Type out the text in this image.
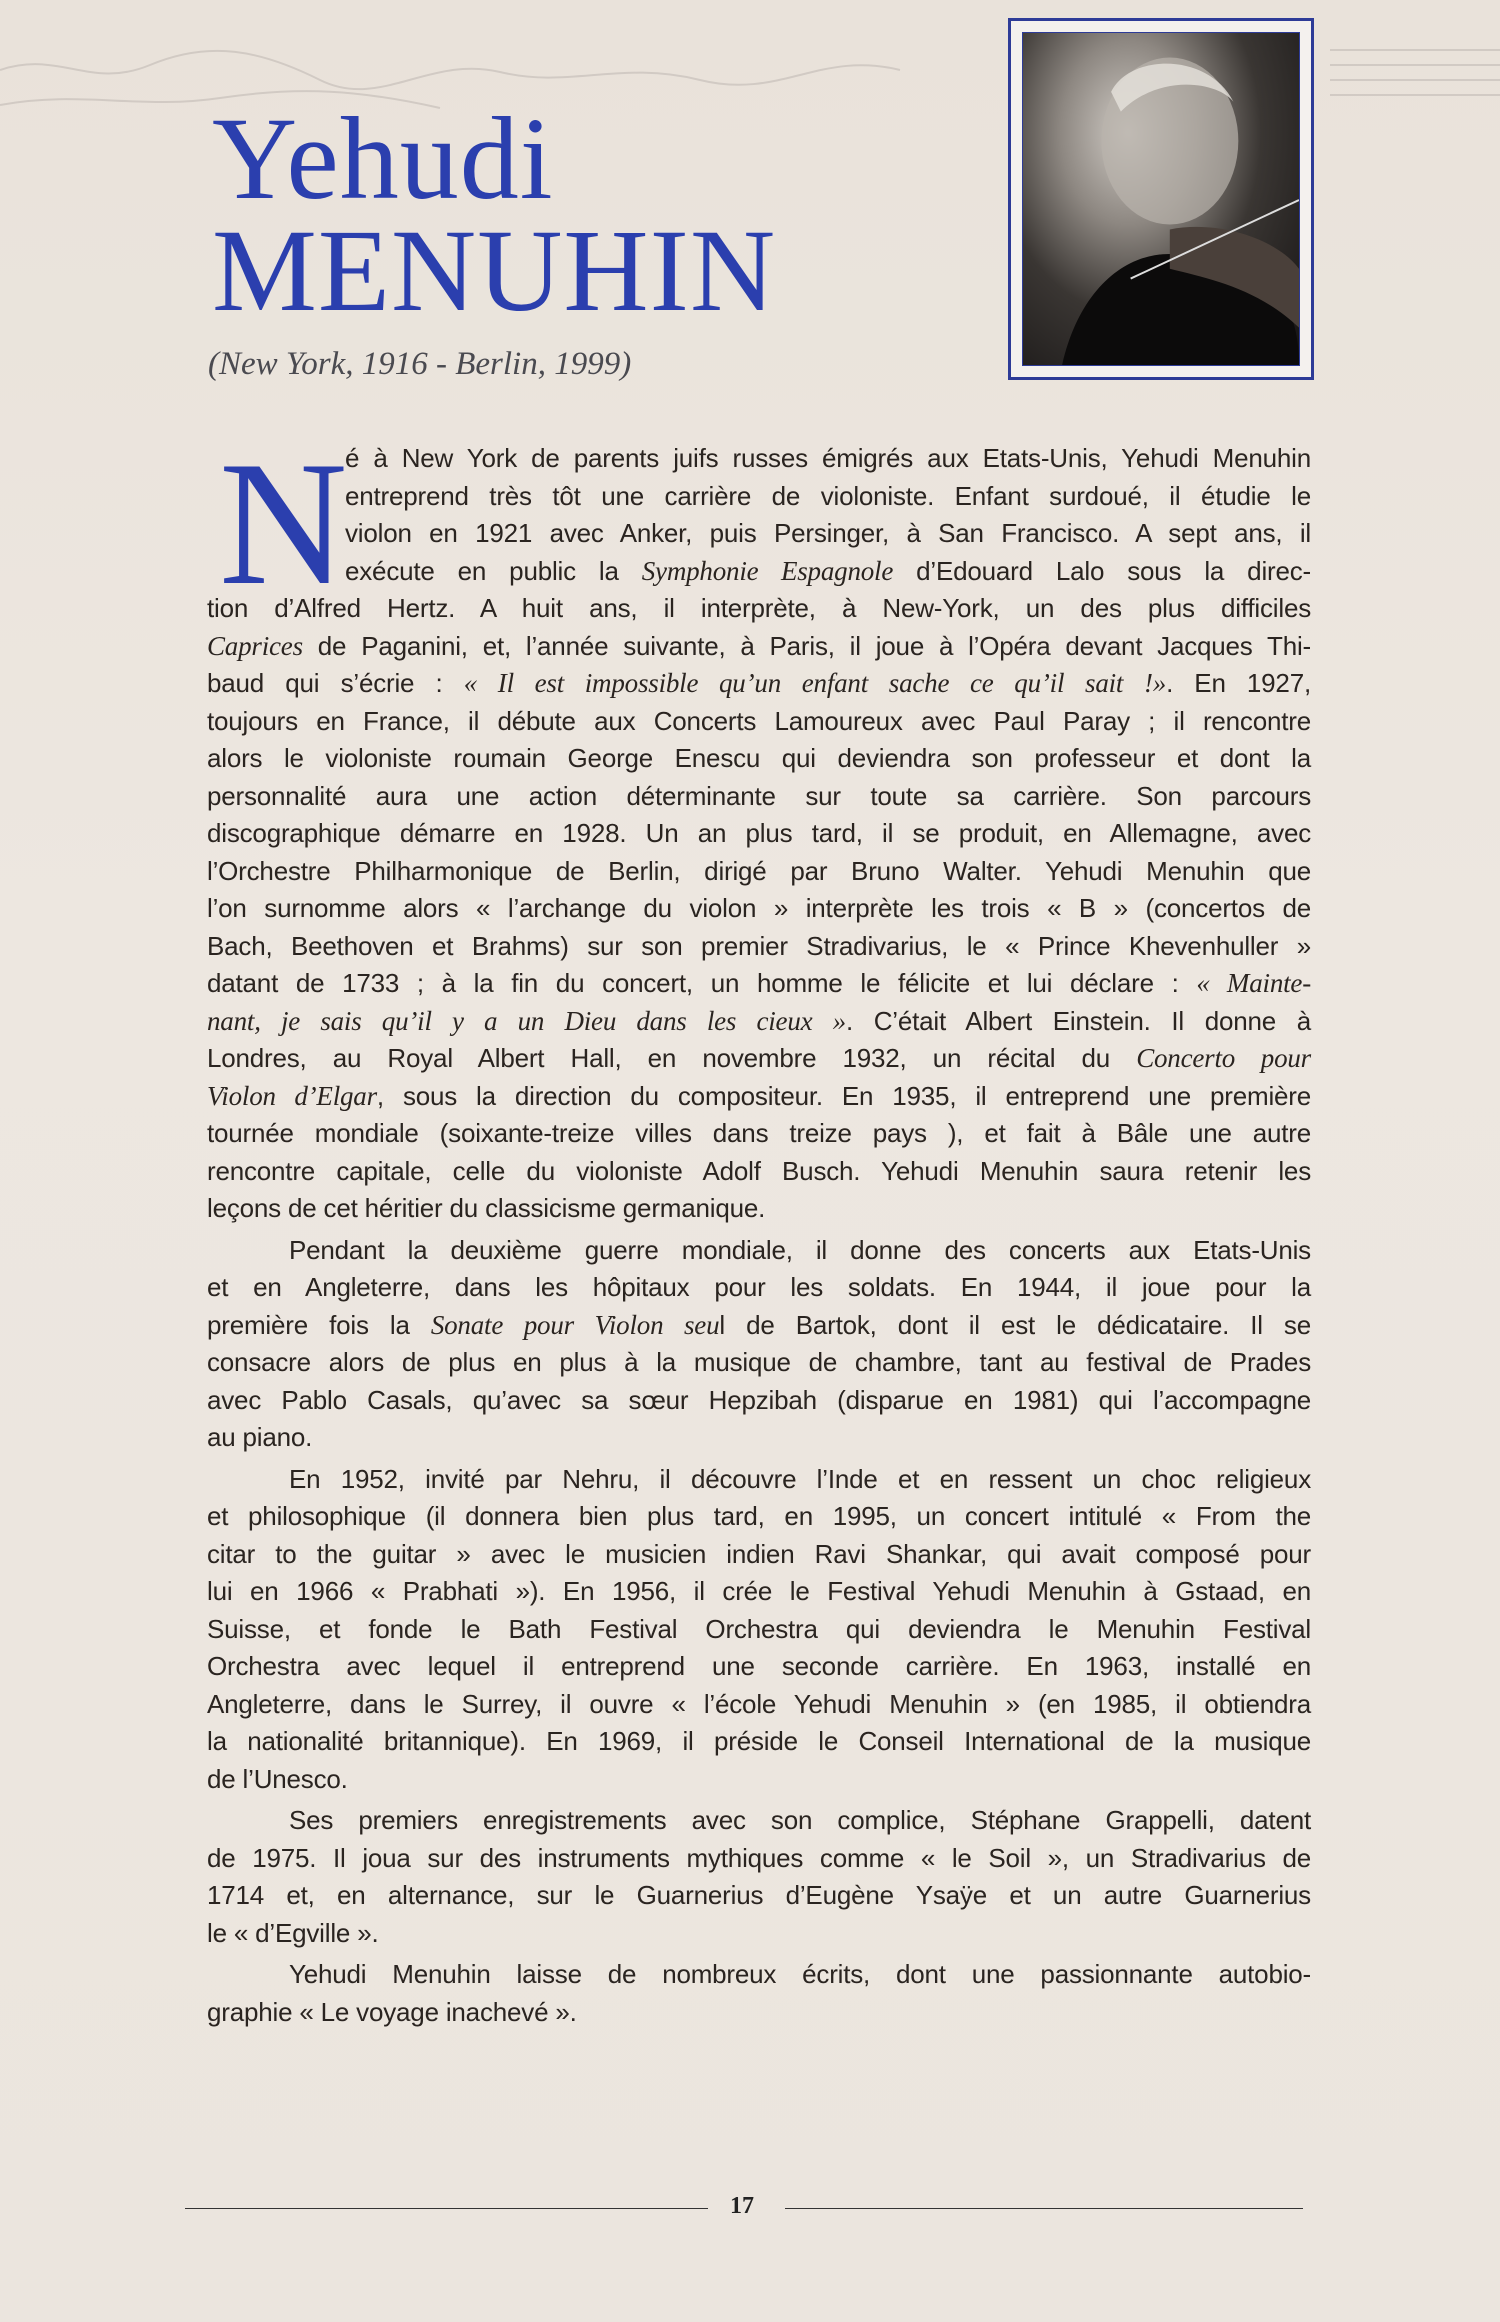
Yehudi
MENUHIN
(New York, 1916 - Berlin, 1999)
N
é à New York de parents juifs russes émigrés aux Etats-Unis, Yehudi Menuhin
entreprend très tôt une carrière de violoniste. Enfant surdoué, il étudie le
violon en 1921 avec Anker, puis Persinger, à San Francisco. A sept ans, il
exécute en public la Symphonie Espagnole d’Edouard Lalo sous la direc-
tion d’Alfred Hertz. A huit ans, il interprète, à New-York, un des plus difficiles
Caprices de Paganini, et, l’année suivante, à Paris, il joue à l’Opéra devant Jacques Thi-
baud qui s’écrie : « Il est impossible qu’un enfant sache ce qu’il sait !». En 1927,
toujours en France, il débute aux Concerts Lamoureux avec Paul Paray ; il rencontre
alors le violoniste roumain George Enescu qui deviendra son professeur et dont la
personnalité aura une action déterminante sur toute sa carrière. Son parcours
discographique démarre en 1928. Un an plus tard, il se produit, en Allemagne, avec
l’Orchestre Philharmonique de Berlin, dirigé par Bruno Walter. Yehudi Menuhin que
l’on surnomme alors « l’archange du violon » interprète les trois « B » (concertos de
Bach, Beethoven et Brahms) sur son premier Stradivarius, le « Prince Khevenhuller »
datant de 1733 ; à la fin du concert, un homme le félicite et lui déclare : « Mainte-
nant, je sais qu’il y a un Dieu dans les cieux ». C’était Albert Einstein. Il donne à
Londres, au Royal Albert Hall, en novembre 1932, un récital du Concerto pour
Violon d’Elgar, sous la direction du compositeur. En 1935, il entreprend une première
tournée mondiale (soixante-treize villes dans treize pays ), et fait à Bâle une autre
rencontre capitale, celle du violoniste Adolf Busch. Yehudi Menuhin saura retenir les
leçons de cet héritier du classicisme germanique.
Pendant la deuxième guerre mondiale, il donne des concerts aux Etats-Unis
et en Angleterre, dans les hôpitaux pour les soldats. En 1944, il joue pour la
première fois la Sonate pour Violon seul de Bartok, dont il est le dédicataire. Il se
consacre alors de plus en plus à la musique de chambre, tant au festival de Prades
avec Pablo Casals, qu’avec sa sœur Hepzibah (disparue en 1981) qui l’accompagne
au piano.
En 1952, invité par Nehru, il découvre l’Inde et en ressent un choc religieux
et philosophique (il donnera bien plus tard, en 1995, un concert intitulé « From the
citar to the guitar » avec le musicien indien Ravi Shankar, qui avait composé pour
lui en 1966 « Prabhati »). En 1956, il crée le Festival Yehudi Menuhin à Gstaad, en
Suisse, et fonde le Bath Festival Orchestra qui deviendra le Menuhin Festival
Orchestra avec lequel il entreprend une seconde carrière. En 1963, installé en
Angleterre, dans le Surrey, il ouvre « l’école Yehudi Menuhin » (en 1985, il obtiendra
la nationalité britannique). En 1969, il préside le Conseil International de la musique
de l’Unesco.
Ses premiers enregistrements avec son complice, Stéphane Grappelli, datent
de 1975. Il joua sur des instruments mythiques comme « le Soil », un Stradivarius de
1714 et, en alternance, sur le Guarnerius d’Eugène Ysaÿe et un autre Guarnerius
le « d’Egville ».
Yehudi Menuhin laisse de nombreux écrits, dont une passionnante autobio-
graphie « Le voyage inachevé ».
17
